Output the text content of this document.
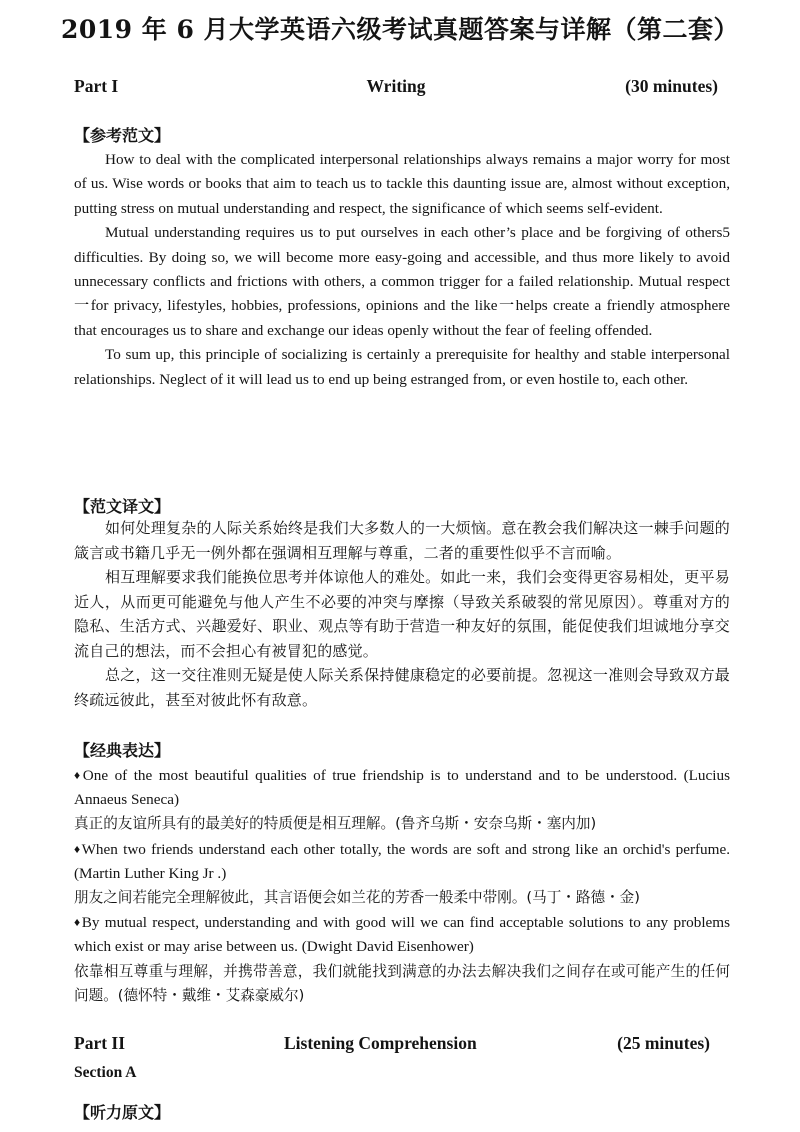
2019 年 6 月大学英语六级考试真题答案与详解（第二套）
Part I	Writing	(30 minutes)
【参考范文】

How to deal with the complicated interpersonal relationships always remains a major worry for most of us. Wise words or books that aim to teach us to tackle this daunting issue are, almost without exception, putting stress on mutual understanding and respect, the significance of which seems self-evident.

Mutual understanding requires us to put ourselves in each other’s place and be forgiving of others5 difficulties. By doing so, we will become more easy-going and accessible, and thus more likely to avoid unnecessary conflicts and frictions with others, a common trigger for a failed relationship. Mutual respect一for privacy, lifestyles, hobbies, professions, opinions and the like一helps create a friendly atmosphere that encourages us to share and exchange our ideas openly without the fear of feeling offended.

To sum up, this principle of socializing is certainly a prerequisite for healthy and stable interpersonal relationships. Neglect of it will lead us to end up being estranged from, or even hostile to, each other.

【范文译文】

如何处理复杂的人际关系始终是我们大多数人的一大烦恼。意在教会我们解决这一棘手问题的箴言或书籍几乎无一例外都在强调相互理解与尊重，二者的重要性似乎不言而喻。

相互理解要求我们能换位思考并体谅他人的难处。如此一来，我们会变得更容易相处，更平易近人，从而更可能避免与他人产生不必要的冲突与摩擦（导致关系破裂的常见原因）。尊重对方的隐私、生活方式、兴趣爱好、职业、观点等有助于营造一种友好的氛围，能促使我们坦诚地分享交流自己的想法，而不会担心有被冒犯的感觉。

总之，这一交往准则无疑是使人际关系保持健康稳定的必要前提。忽视这一准则会导致双方最终疏远彼此，甚至对彼此怀有敌意。

【经典表达】

♦One of the most beautiful qualities of true friendship is to understand and to be understood. (Lucius Annaeus Seneca)

真正的友谊所具有的最美好的特质便是相互理解。(鲁齐乌斯・安奈乌斯・塞内加)

♦When two friends understand each other totally, the words are soft and strong like an orchid's perfume. (Martin Luther King Jr .)

朋友之间若能完全理解彼此，其言语便会如兰花的芳香一般柔中带刚。(马丁・路德・金)

♦By mutual respect, understanding and with good will we can find acceptable solutions to any problems which exist or may arise between us. (Dwight David Eisenhower)

依靠相互尊重与理解，并携带善意，我们就能找到满意的办法去解决我们之间存在或可能产生的任何问题。(德怀特・戴维・艾森豪威尔)

Part II	Listening Comprehension	(25 minutes)
Section A
【听力原文】
